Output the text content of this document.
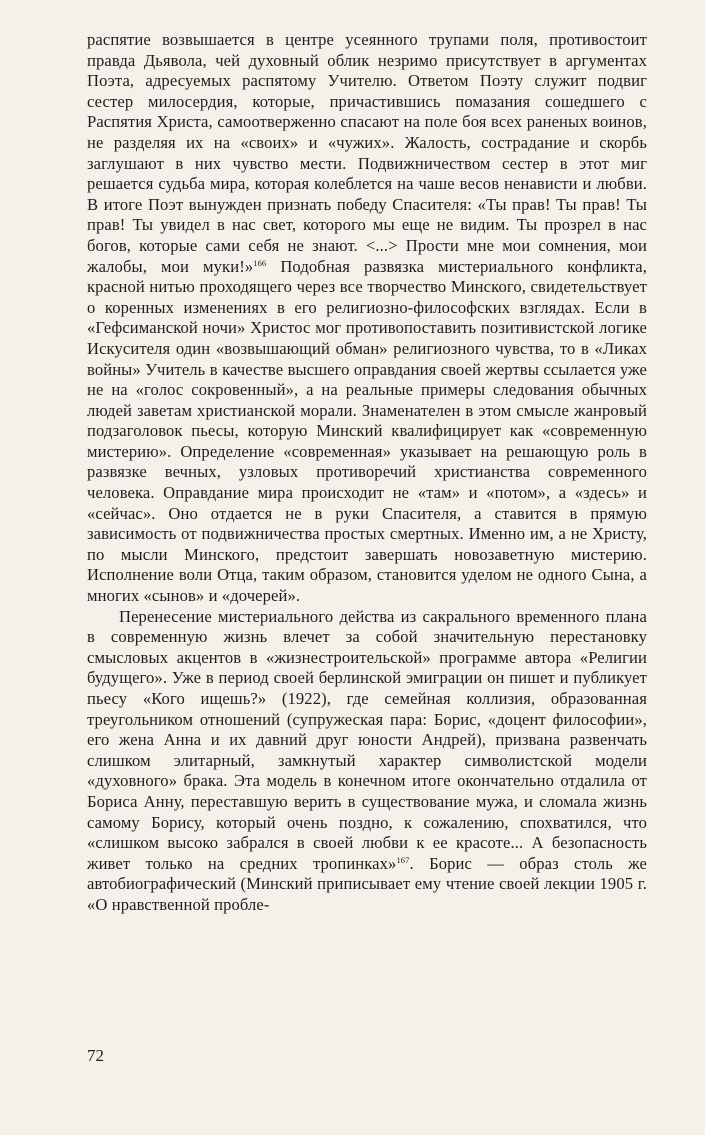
распятие возвышается в центре усеянного трупами поля, противостоит правда Дьявола, чей духовный облик незримо присутствует в аргументах Поэта, адресуемых распятому Учителю. Ответом Поэту служит подвиг сестер милосердия, которые, причастившись помазания сошедшего с Распятия Христа, самоотверженно спасают на поле боя всех раненых воинов, не разделяя их на «своих» и «чужих». Жалость, сострадание и скорбь заглушают в них чувство мести. Подвижничеством сестер в этот миг решается судьба мира, которая колеблется на чаше весов ненависти и любви. В итоге Поэт вынужден признать победу Спасителя: «Ты прав! Ты прав! Ты прав! Ты увидел в нас свет, которого мы еще не видим. Ты прозрел в нас богов, которые сами себя не знают. <...> Прости мне мои сомнения, мои жалобы, мои муки!»$^{166}$ Подобная развязка мистериального конфликта, красной нитью проходящего через все творчество Минского, свидетельствует о коренных изменениях в его религиозно-философских взглядах. Если в «Гефсиманской ночи» Христос мог противопоставить позитивистской логике Искусителя один «возвышающий обман» религиозного чувства, то в «Ликах войны» Учитель в качестве высшего оправдания своей жертвы ссылается уже не на «голос сокровенный», а на реальные примеры следования обычных людей заветам христианской морали. Знаменателен в этом смысле жанровый подзаголовок пьесы, которую Минский квалифицирует как «современную мистерию». Определение «современная» указывает на решающую роль в развязке вечных, узловых противоречий христианства современного человека. Оправдание мира происходит не «там» и «потом», а «здесь» и «сейчас». Оно отдается не в руки Спасителя, а ставится в прямую зависимость от подвижничества простых смертных. Именно им, а не Христу, по мысли Минского, предстоит завершать новозаветную мистерию. Исполнение воли Отца, таким образом, становится уделом не одного Сына, а многих «сынов» и «дочерей».

Перенесение мистериального действа из сакрального временного плана в современную жизнь влечет за собой значительную перестановку смысловых акцентов в «жизнестроительской» программе автора «Религии будущего». Уже в период своей берлинской эмиграции он пишет и публикует пьесу «Кого ищешь?» (1922), где семейная коллизия, образованная треугольником отношений (супружеская пара: Борис, «доцент философии», его жена Анна и их давний друг юности Андрей), призвана развенчать слишком элитарный, замкнутый характер символистской модели «духовного» брака. Эта модель в конечном итоге окончательно отдалила от Бориса Анну, переставшую верить в существование мужа, и сломала жизнь самому Борису, который очень поздно, к сожалению, спохватился, что «слишком высоко забрался в своей любви к ее красоте... А безопасность живет только на средних тропинках»$^{167}$. Борис — образ столь же автобиографический (Минский приписывает ему чтение своей лекции 1905 г. «О нравственной пробле-

72
